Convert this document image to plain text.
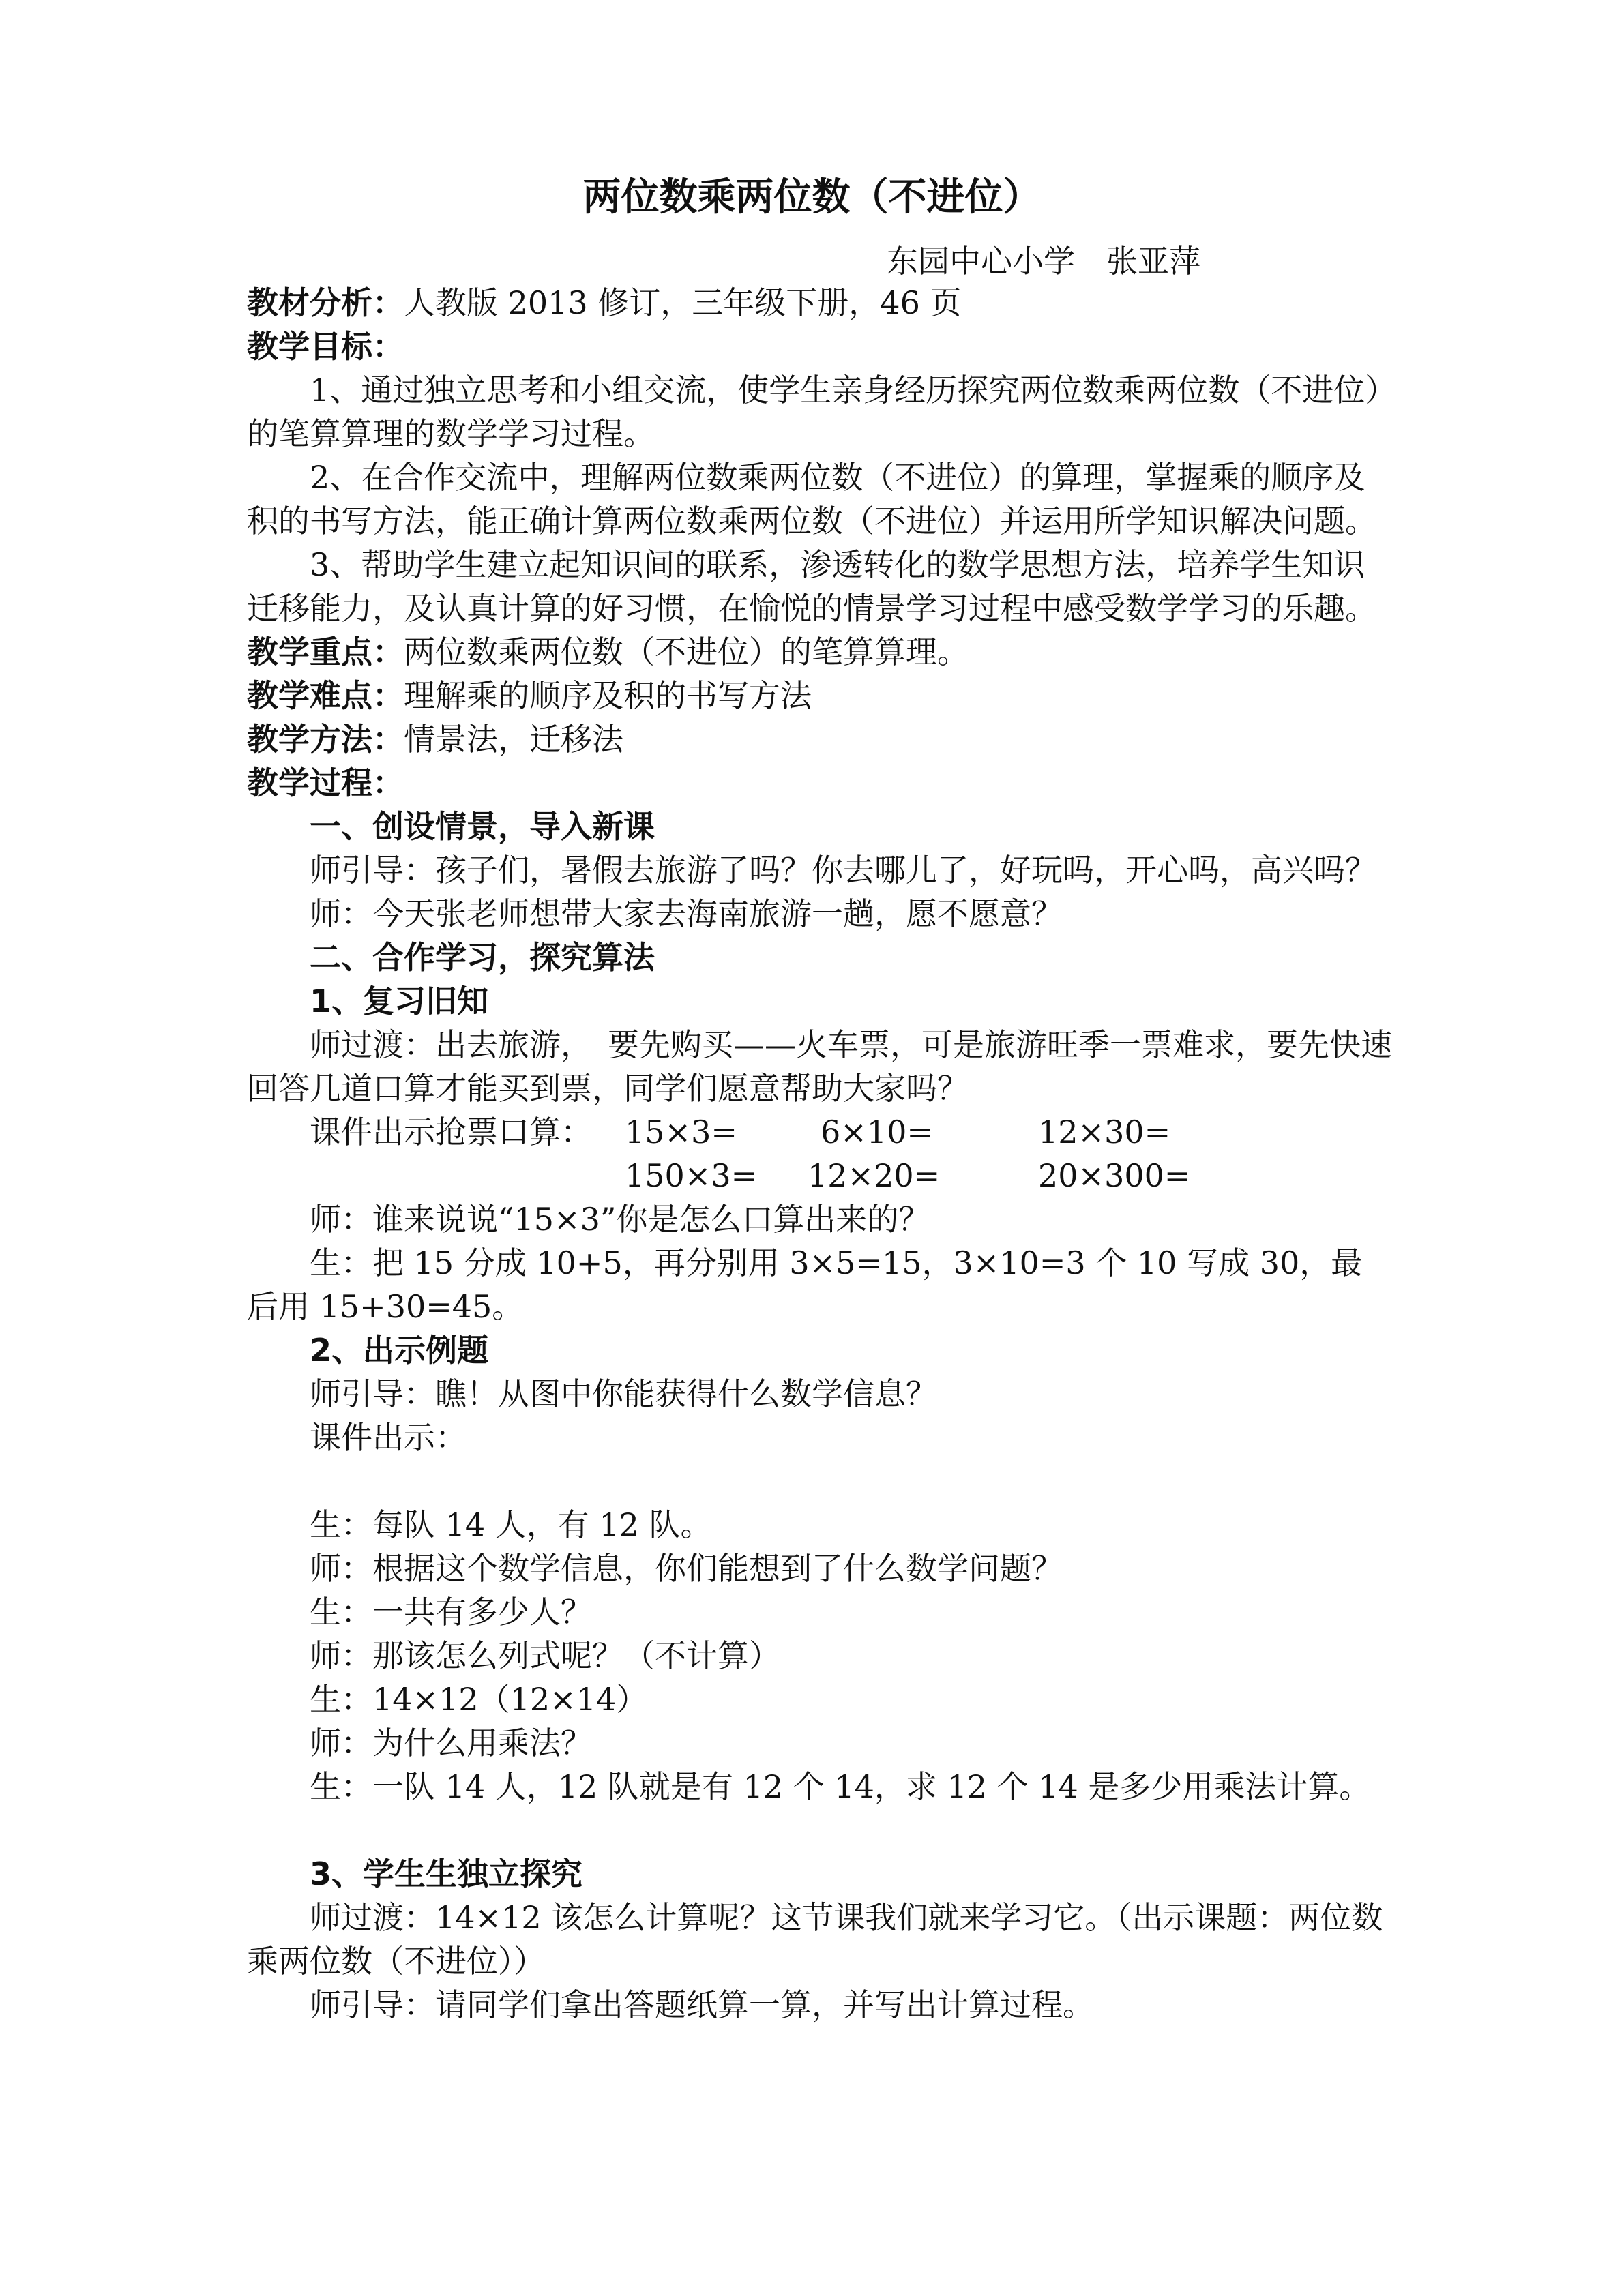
两位数乘两位数（不进位）
东园中心小学　张亚萍

教材分析：人教版 2013 修订，三年级下册，46 页

教学目标：

1、通过独立思考和小组交流，使学生亲身经历探究两位数乘两位数（不进位）的笔算算理的数学学习过程。

2、在合作交流中，理解两位数乘两位数（不进位）的算理，掌握乘的顺序及积的书写方法，能正确计算两位数乘两位数（不进位）并运用所学知识解决问题。

3、帮助学生建立起知识间的联系，渗透转化的数学思想方法，培养学生知识迁移能力，及认真计算的好习惯，在愉悦的情景学习过程中感受数学学习的乐趣。

教学重点：两位数乘两位数（不进位）的笔算算理。

教学难点：理解乘的顺序及积的书写方法

教学方法：情景法，迁移法

教学过程：

一、创设情景，导入新课

师引导：孩子们，暑假去旅游了吗？你去哪儿了，好玩吗，开心吗，高兴吗？

师：今天张老师想带大家去海南旅游一趟，愿不愿意？

二、合作学习，探究算法

1、复习旧知

师过渡：出去旅游，　要先购买——火车票，可是旅游旺季一票难求，要先快速回答几道口算才能买到票，同学们愿意帮助大家吗？

课件出示抢票口算： 15×3=	6×10=	12×30=
150×3= 12×20=	20×300=

师：谁来说说“15×3”你是怎么口算出来的？

生：把 15 分成 10+5，再分别用 3×5=15，3×10=3 个 10 写成 30，最后用 15+30=45。

2、出示例题

师引导：瞧！从图中你能获得什么数学信息？

课件出示：

生：每队 14 人，有 12 队。

师：根据这个数学信息，你们能想到了什么数学问题？

生：一共有多少人？

师：那该怎么列式呢？（不计算）

生：14×12（12×14）

师：为什么用乘法？

生：一队 14 人，12 队就是有 12 个 14，求 12 个 14 是多少用乘法计算。

3、学生生独立探究

师过渡：14×12 该怎么计算呢？这节课我们就来学习它。（出示课题：两位数乘两位数（不进位））

师引导：请同学们拿出答题纸算一算，并写出计算过程。
